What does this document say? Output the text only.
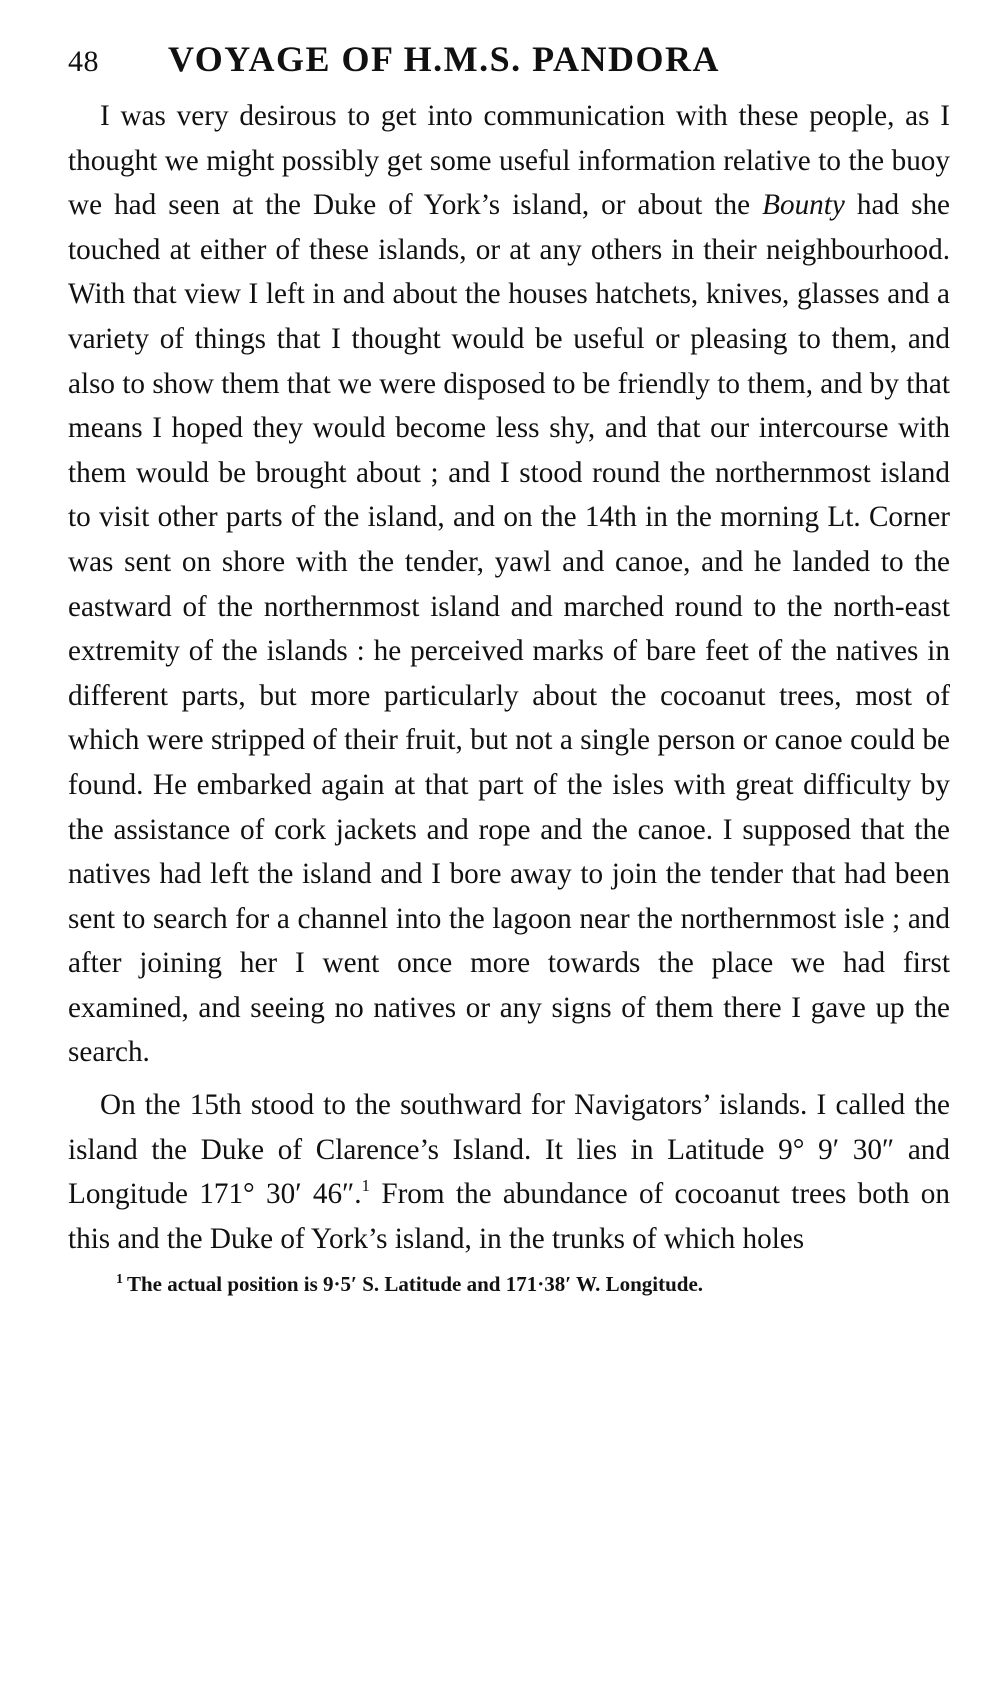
48	VOYAGE OF H.M.S. PANDORA

I was very desirous to get into communication with these people, as I thought we might possibly get some useful information relative to the buoy we had seen at the Duke of York’s island, or about the Bounty had she touched at either of these islands, or at any others in their neighbourhood. With that view I left in and about the houses hatchets, knives, glasses and a variety of things that I thought would be useful or pleasing to them, and also to show them that we were disposed to be friendly to them, and by that means I hoped they would become less shy, and that our intercourse with them would be brought about ; and I stood round the northernmost island to visit other parts of the island, and on the 14th in the morning Lt. Corner was sent on shore with the tender, yawl and canoe, and he landed to the eastward of the northernmost island and marched round to the north-east extremity of the islands : he perceived marks of bare feet of the natives in different parts, but more particularly about the cocoanut trees, most of which were stripped of their fruit, but not a single person or canoe could be found. He embarked again at that part of the isles with great difficulty by the assistance of cork jackets and rope and the canoe. I supposed that the natives had left the island and I bore away to join the tender that had been sent to search for a channel into the lagoon near the northernmost isle ; and after joining her I went once more towards the place we had first examined, and seeing no natives or any signs of them there I gave up the search.

On the 15th stood to the southward for Navigators’ islands. I called the island the Duke of Clarence’s Island. It lies in Latitude 9° 9′ 30″ and Longitude 171° 30′ 46″.$^1$ From the abundance of cocoanut trees both on this and the Duke of York’s island, in the trunks of which holes

$^1$ The actual position is 9·5′ S. Latitude and 171·38′ W. Longitude.
